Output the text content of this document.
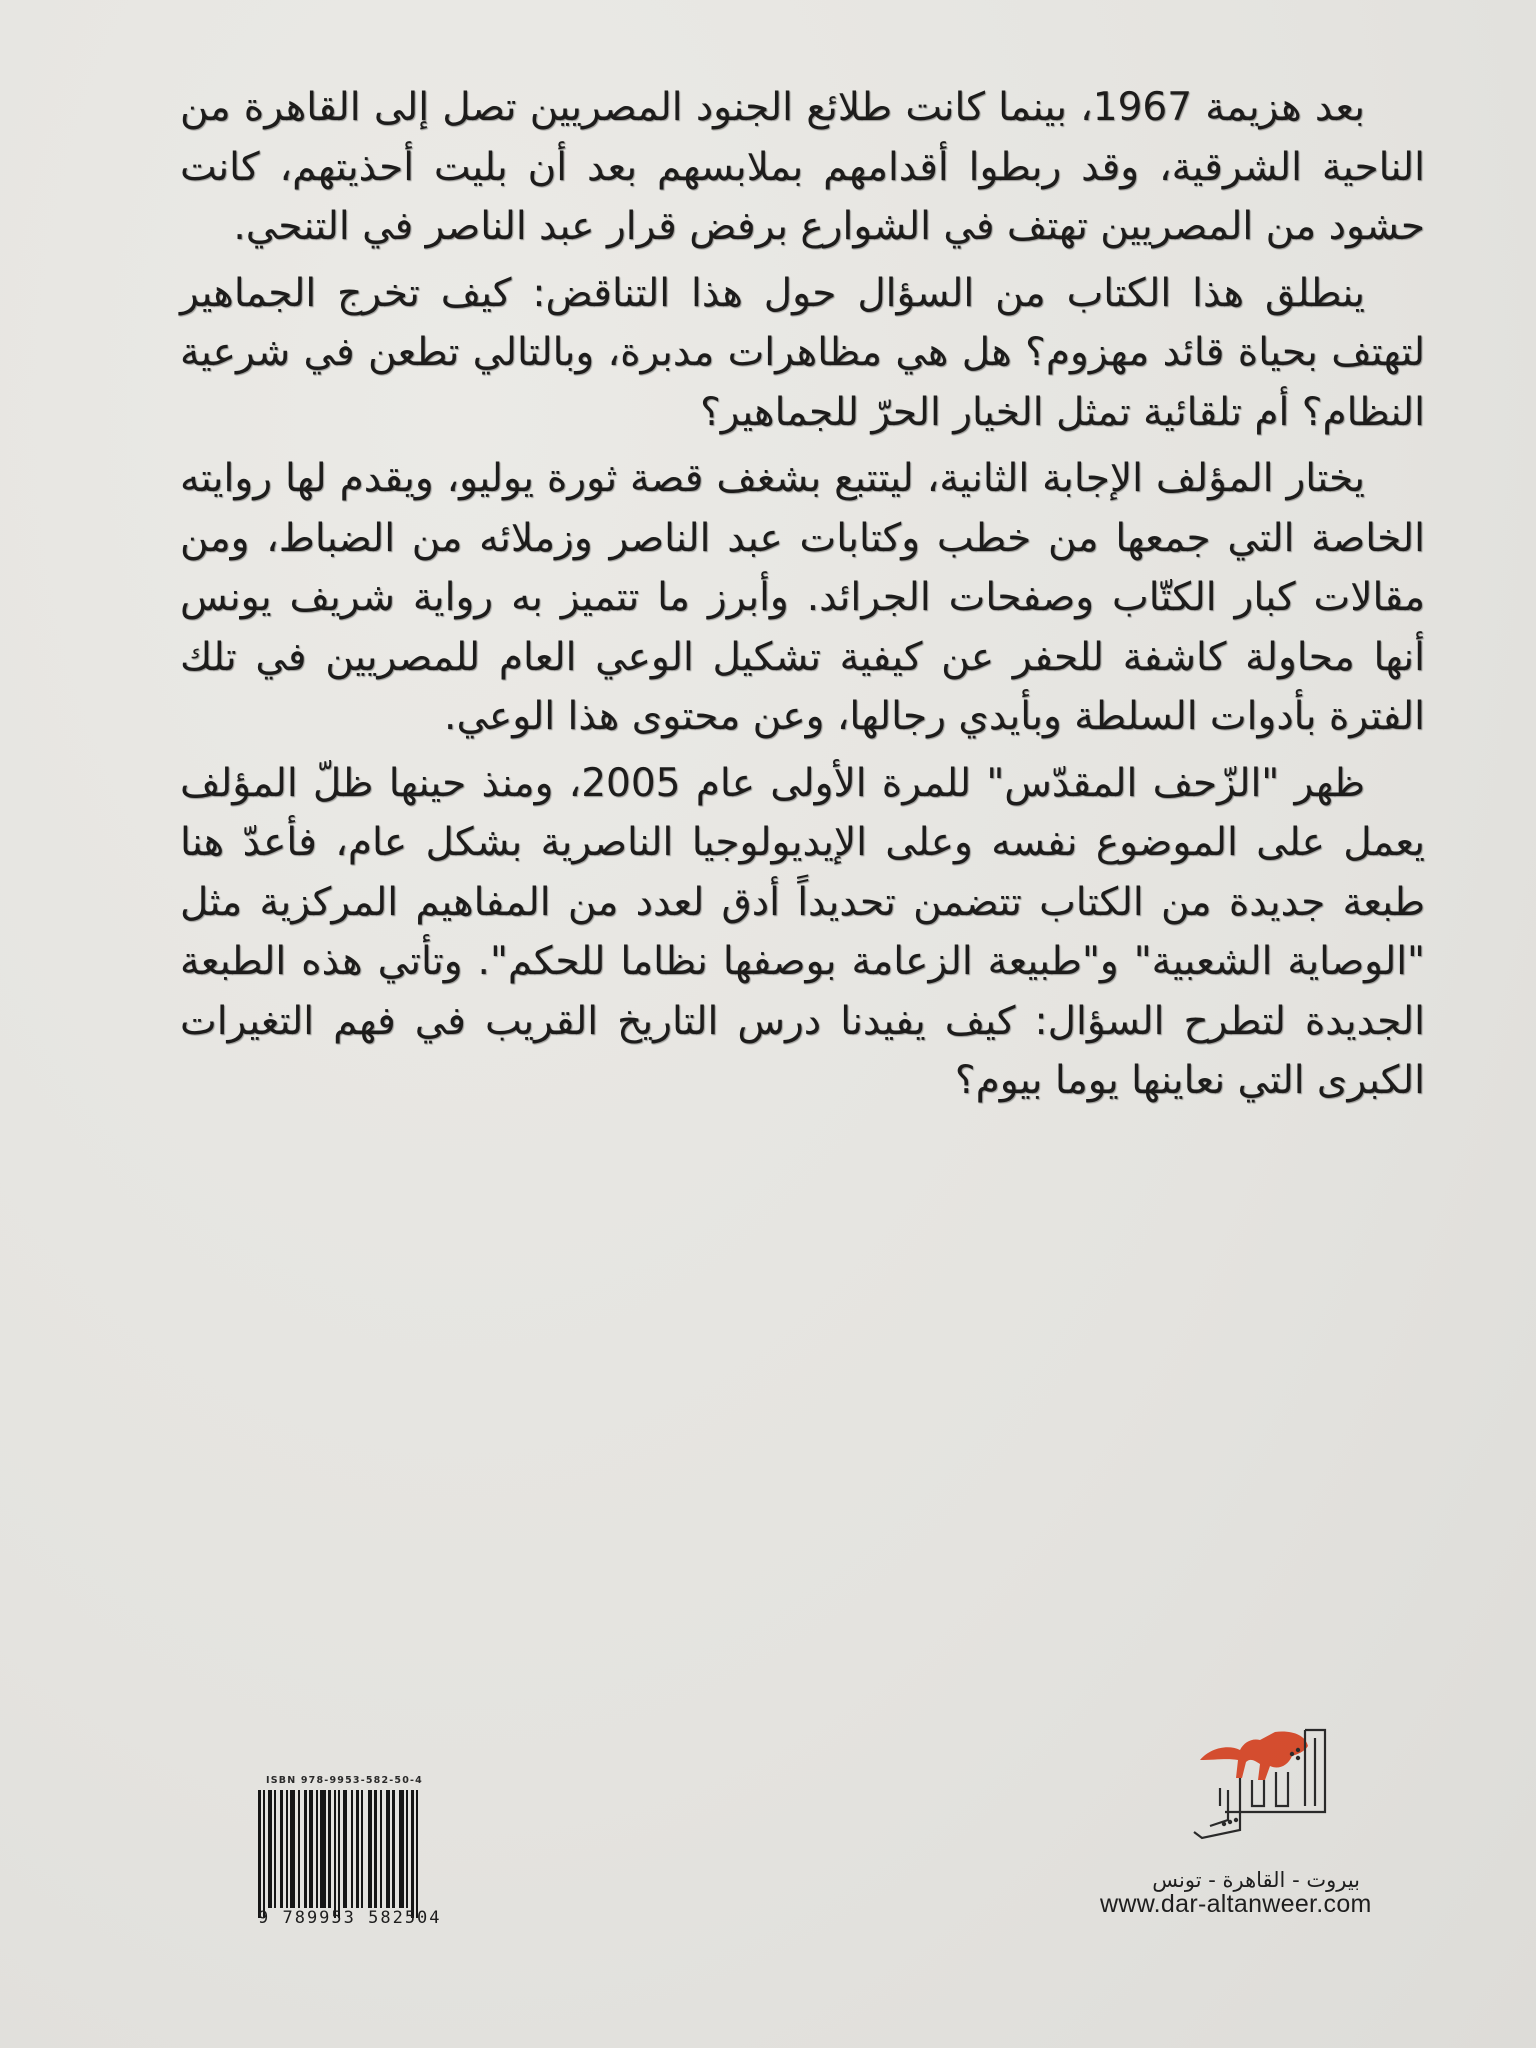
بعد هزيمة 1967، بينما كانت طلائع الجنود المصريين تصل إلى القاهرة من الناحية الشرقية، وقد ربطوا أقدامهم بملابسهم بعد أن بليت أحذيتهم، كانت حشود من المصريين تهتف في الشوارع برفض قرار عبد الناصر في التنحي.

ينطلق هذا الكتاب من السؤال حول هذا التناقض: كيف تخرج الجماهير لتهتف بحياة قائد مهزوم؟ هل هي مظاهرات مدبرة، وبالتالي تطعن في شرعية النظام؟ أم تلقائية تمثل الخيار الحرّ للجماهير؟

يختار المؤلف الإجابة الثانية، ليتتبع بشغف قصة ثورة يوليو، ويقدم لها روايته الخاصة التي جمعها من خطب وكتابات عبد الناصر وزملائه من الضباط، ومن مقالات كبار الكتّاب وصفحات الجرائد. وأبرز ما تتميز به رواية شريف يونس أنها محاولة كاشفة للحفر عن كيفية تشكيل الوعي العام للمصريين في تلك الفترة بأدوات السلطة وبأيدي رجالها، وعن محتوى هذا الوعي.

ظهر "الزّحف المقدّس" للمرة الأولى عام 2005، ومنذ حينها ظلّ المؤلف يعمل على الموضوع نفسه وعلى الإيديولوجيا الناصرية بشكل عام، فأعدّ هنا طبعة جديدة من الكتاب تتضمن تحديداً أدق لعدد من المفاهيم المركزية مثل "الوصاية الشعبية" و"طبيعة الزعامة بوصفها نظاما للحكم". وتأتي هذه الطبعة الجديدة لتطرح السؤال: كيف يفيدنا درس التاريخ القريب في فهم التغيرات الكبرى التي نعاينها يوما بيوم؟

ISBN 978-9953-582-50-4
9 789953 582504
بيروت - القاهرة - تونس
www.dar-altanweer.com
